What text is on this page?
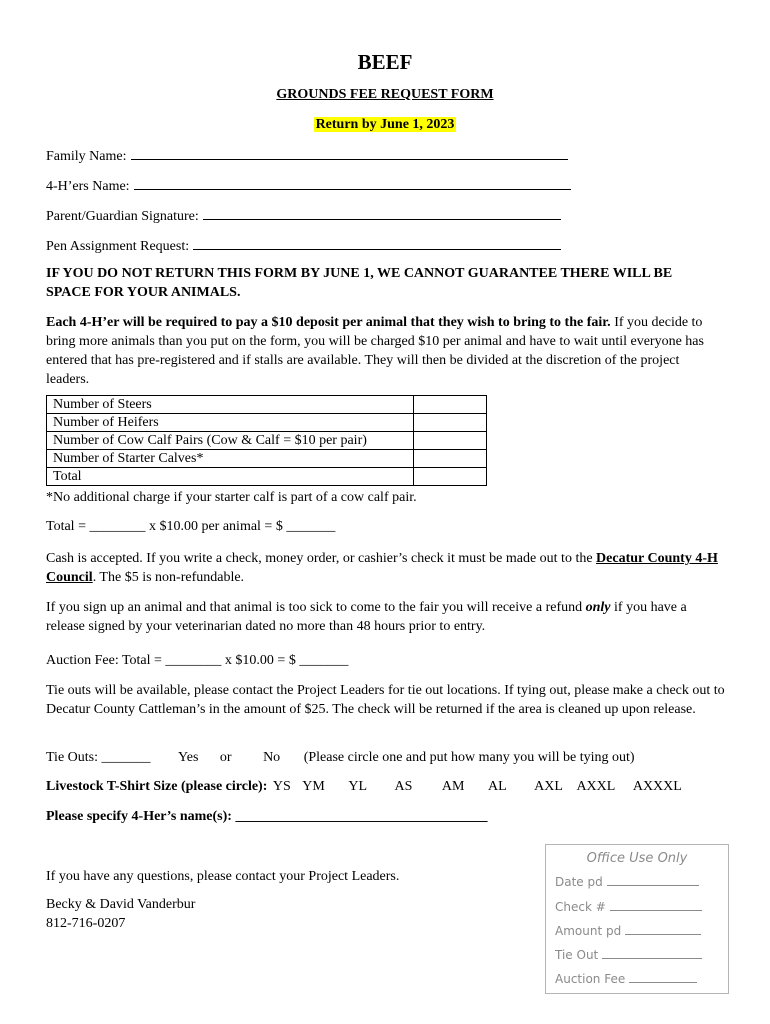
BEEF
GROUNDS FEE REQUEST FORM
Return by June 1, 2023
Family Name:
4-H’ers Name:
Parent/Guardian Signature:
Pen Assignment Request:
IF YOU DO NOT RETURN THIS FORM BY JUNE 1, WE CANNOT GUARANTEE THERE WILL BE SPACE FOR YOUR ANIMALS.
Each 4-H’er will be required to pay a $10 deposit per animal that they wish to bring to the fair. If you decide to bring more animals than you put on the form, you will be charged $10 per animal and have to wait until everyone has entered that has pre-registered and if stalls are available. They will then be divided at the discretion of the project leaders.
Number of Steers	
Number of Heifers	
Number of Cow Calf Pairs (Cow & Calf = $10 per pair)	
Number of Starter Calves*	
Total	
*No additional charge if your starter calf is part of a cow calf pair.
Total = ________ x $10.00 per animal = $ _______
Cash is accepted. If you write a check, money order, or cashier’s check it must be made out to the Decatur County 4-H Council. The $5 is non-refundable.
If you sign up an animal and that animal is too sick to come to the fair you will receive a refund only if you have a release signed by your veterinarian dated no more than 48 hours prior to entry.
Auction Fee: Total = ________ x $10.00 = $ _______
Tie outs will be available, please contact the Project Leaders for tie out locations. If tying out, please make a check out to Decatur County Cattleman’s in the amount of $25. The check will be returned if the area is cleaned up upon release.
Tie Outs: _______ Yes or No (Please circle one and put how many you will be tying out)
Livestock T-Shirt Size (please circle): YS YM YL AS AM AL AXL AXXL AXXXL
Please specify 4-Her’s name(s): ____________________________________
If you have any questions, please contact your Project Leaders.
Becky & David Vanderbur
812-716-0207
Office Use Only
Date pd
Check #
Amount pd
Tie Out
Auction Fee
